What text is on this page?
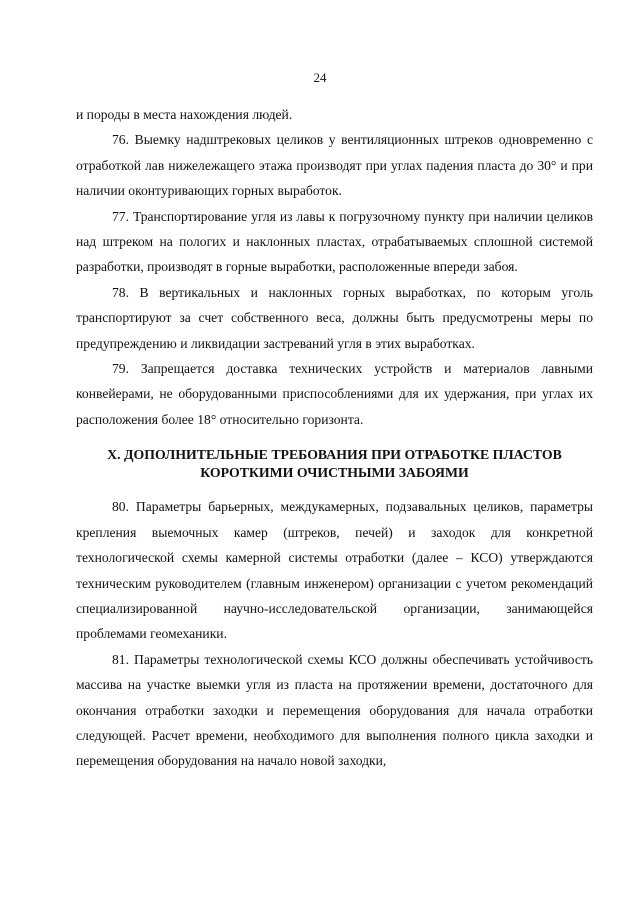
24

и породы в места нахождения людей.

76. Выемку надштрековых целиков у вентиляционных штреков одновременно с отработкой лав нижележащего этажа производят при углах падения пласта до 30° и при наличии оконтуривающих горных выработок.

77. Транспортирование угля из лавы к погрузочному пункту при наличии целиков над штреком на пологих и наклонных пластах, отрабатываемых сплошной системой разработки, производят в горные выработки, расположенные впереди забоя.

78. В вертикальных и наклонных горных выработках, по которым уголь транспортируют за счет собственного веса, должны быть предусмотрены меры по предупреждению и ликвидации застреваний угля в этих выработках.

79. Запрещается доставка технических устройств и материалов лавными конвейерами, не оборудованными приспособлениями для их удержания, при углах их расположения более 18° относительно горизонта.

X. ДОПОЛНИТЕЛЬНЫЕ ТРЕБОВАНИЯ ПРИ ОТРАБОТКЕ ПЛАСТОВ
КОРОТКИМИ ОЧИСТНЫМИ ЗАБОЯМИ

80. Параметры барьерных, междукамерных, подзавальных целиков, параметры крепления выемочных камер (штреков, печей) и заходок для конкретной технологической схемы камерной системы отработки (далее – КСО) утверждаются техническим руководителем (главным инженером) организации с учетом рекомендаций специализированной научно-исследовательской организации, занимающейся проблемами геомеханики.

81. Параметры технологической схемы КСО должны обеспечивать устойчивость массива на участке выемки угля из пласта на протяжении времени, достаточного для окончания отработки заходки и перемещения оборудования для начала отработки следующей. Расчет времени, необходимого для выполнения полного цикла заходки и перемещения оборудования на начало новой заходки,
